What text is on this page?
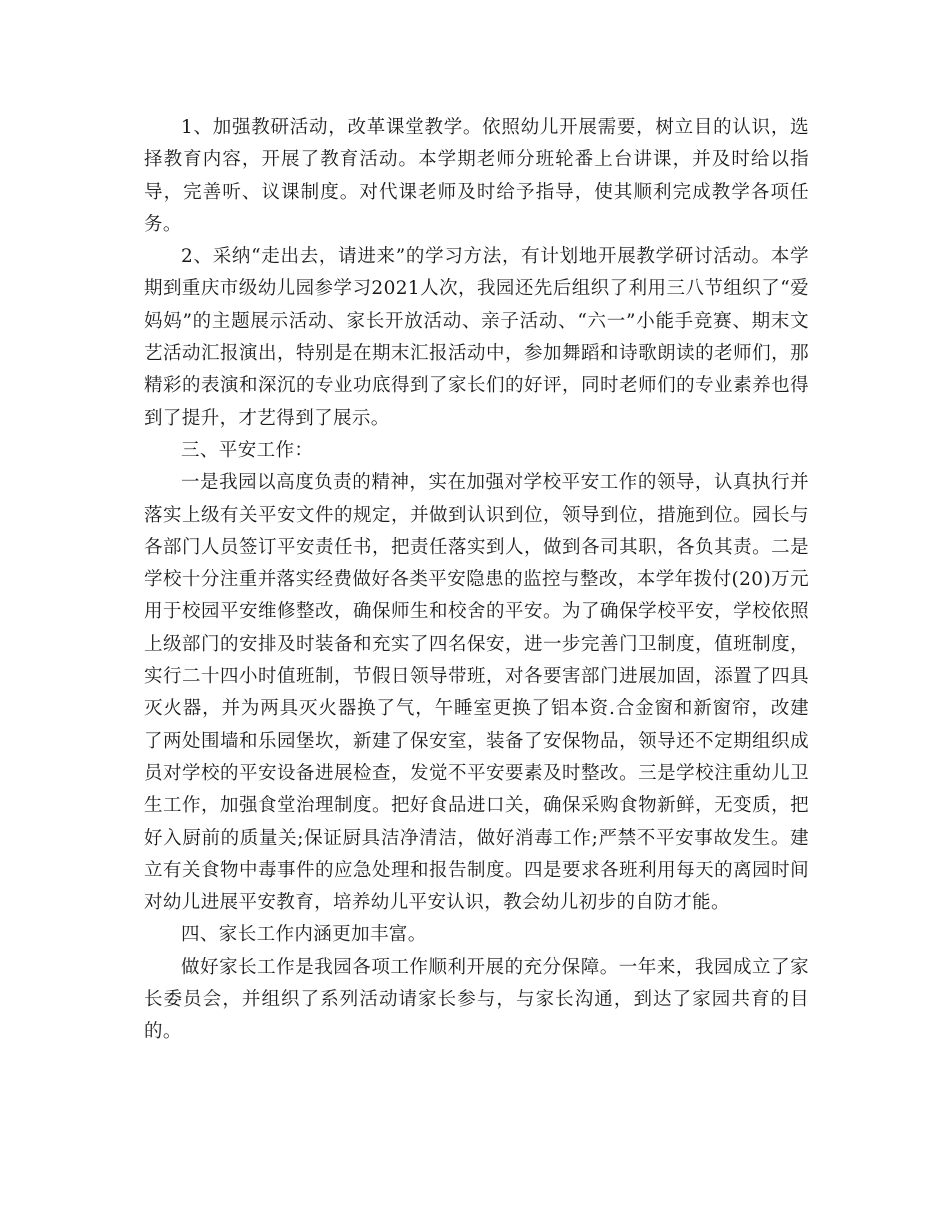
1、加强教研活动，改革课堂教学。依照幼儿开展需要，树立目的认识，选择教育内容，开展了教育活动。本学期老师分班轮番上台讲课，并及时给以指导，完善听、议课制度。对代课老师及时给予指导，使其顺利完成教学各项任务。

2、采纳“走出去，请进来”的学习方法，有计划地开展教学研讨活动。本学期到重庆市级幼儿园参学习2021人次，我园还先后组织了利用三八节组织了“爱妈妈”的主题展示活动、家长开放活动、亲子活动、“六一”小能手竞赛、期末文艺活动汇报演出，特别是在期末汇报活动中，参加舞蹈和诗歌朗读的老师们，那精彩的表演和深沉的专业功底得到了家长们的好评，同时老师们的专业素养也得到了提升，才艺得到了展示。

三、平安工作：

一是我园以高度负责的精神，实在加强对学校平安工作的领导，认真执行并落实上级有关平安文件的规定，并做到认识到位，领导到位，措施到位。园长与各部门人员签订平安责任书，把责任落实到人，做到各司其职，各负其责。二是学校十分注重并落实经费做好各类平安隐患的监控与整改，本学年拨付(20)万元用于校园平安维修整改，确保师生和校舍的平安。为了确保学校平安，学校依照上级部门的安排及时装备和充实了四名保安，进一步完善门卫制度，值班制度，实行二十四小时值班制，节假日领导带班，对各要害部门进展加固，添置了四具灭火器，并为两具灭火器换了气，午睡室更换了铝本资.合金窗和新窗帘，改建了两处围墙和乐园堡坎，新建了保安室，装备了安保物品，领导还不定期组织成员对学校的平安设备进展检查，发觉不平安要素及时整改。三是学校注重幼儿卫生工作，加强食堂治理制度。把好食品进口关，确保采购食物新鲜，无变质，把好入厨前的质量关;保证厨具洁净清洁，做好消毒工作;严禁不平安事故发生。建立有关食物中毒事件的应急处理和报告制度。四是要求各班利用每天的离园时间对幼儿进展平安教育，培养幼儿平安认识，教会幼儿初步的自防才能。

四、家长工作内涵更加丰富。

做好家长工作是我园各项工作顺利开展的充分保障。一年来，我园成立了家长委员会，并组织了系列活动请家长参与，与家长沟通，到达了家园共育的目的。
